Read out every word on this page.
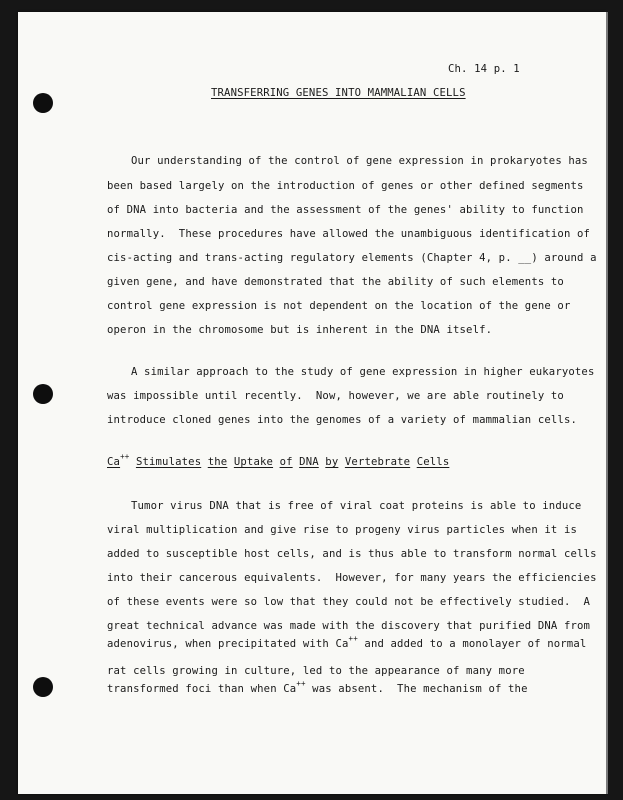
Ch. 14 p. 1
TRANSFERRING GENES INTO MAMMALIAN CELLS
Our understanding of the control of gene expression in prokaryotes has
been based largely on the introduction of genes or other defined segments
of DNA into bacteria and the assessment of the genes' ability to function
normally.  These procedures have allowed the unambiguous identification of
cis-acting and trans-acting regulatory elements (Chapter 4, p. __) around a
given gene, and have demonstrated that the ability of such elements to
control gene expression is not dependent on the location of the gene or
operon in the chromosome but is inherent in the DNA itself.
A similar approach to the study of gene expression in higher eukaryotes
was impossible until recently.  Now, however, we are able routinely to
introduce cloned genes into the genomes of a variety of mammalian cells.
Ca++ Stimulates the Uptake of DNA by Vertebrate Cells
Tumor virus DNA that is free of viral coat proteins is able to induce
viral multiplication and give rise to progeny virus particles when it is
added to susceptible host cells, and is thus able to transform normal cells
into their cancerous equivalents.  However, for many years the efficiencies
of these events were so low that they could not be effectively studied.  A
great technical advance was made with the discovery that purified DNA from
adenovirus, when precipitated with Ca++ and added to a monolayer of normal
rat cells growing in culture, led to the appearance of many more
transformed foci than when Ca++ was absent.  The mechanism of the
